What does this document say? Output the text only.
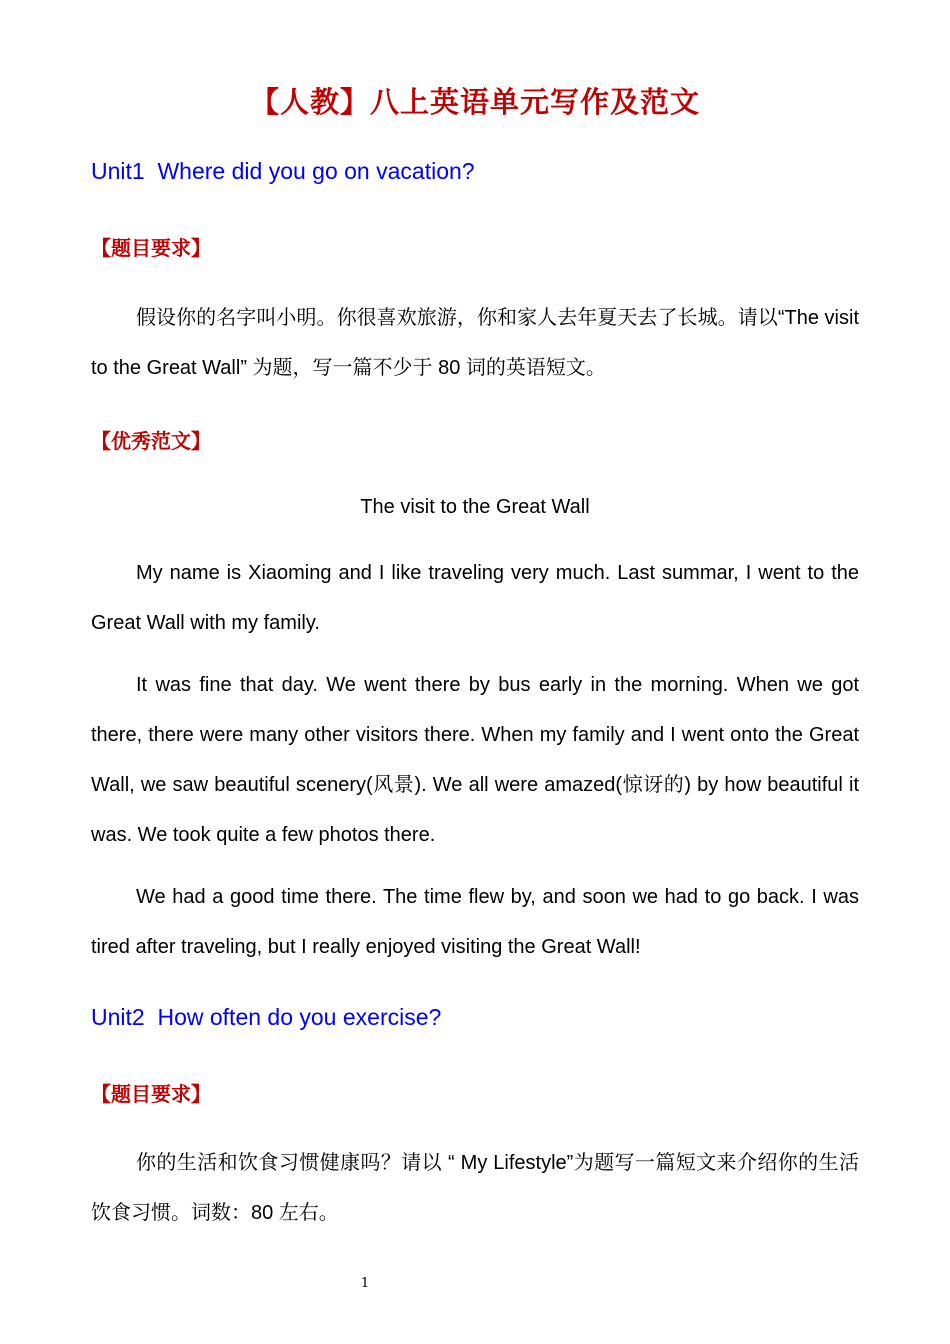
【人教】八上英语单元写作及范文
Unit1  Where did you go on vacation?
【题目要求】
假设你的名字叫小明。你很喜欢旅游，你和家人去年夏天去了长城。请以“The visit to the Great Wall” 为题，写一篇不少于 80 词的英语短文。
【优秀范文】
The visit to the Great Wall
My name is Xiaoming and I like traveling very much. Last summar, I went to the Great Wall with my family.
It was fine that day. We went there by bus early in the morning. When we got there, there were many other visitors there. When my family and I went onto the Great Wall, we saw beautiful scenery(风景). We all were amazed(惊讶的) by how beautiful it was. We took quite a few photos there.
We had a good time there. The time flew by, and soon we had to go back. I was tired after traveling, but I really enjoyed visiting the Great Wall!
Unit2  How often do you exercise?
【题目要求】
你的生活和饮食习惯健康吗？请以 “ My Lifestyle”为题写一篇短文来介绍你的生活饮食习惯。词数：80 左右。
1
